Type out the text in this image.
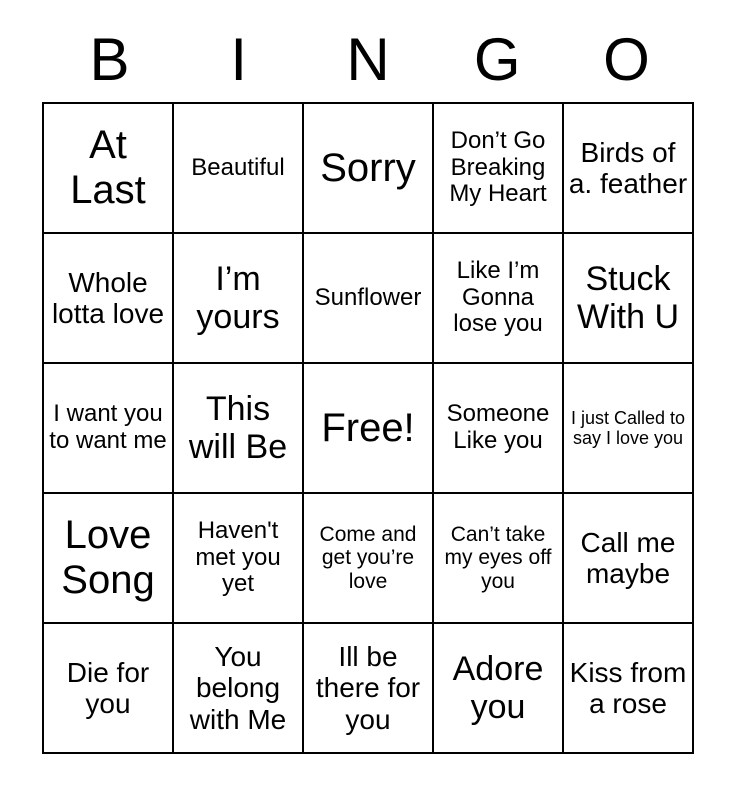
B	I	N	G	O
At Last	Beautiful	Sorry	Don’t Go Breaking My Heart	Birds of a. feather
Whole lotta love	I’m yours	Sunflower	Like I’m Gonna lose you	Stuck With U
I want you to want me	This will Be	Free!	Someone Like you	I just Called to say I love you
Love Song	Haven't met you yet	Come and get you’re love	Can’t take my eyes off you	Call me maybe
Die for you	You belong with Me	Ill be there for you	Adore you	Kiss from a rose
